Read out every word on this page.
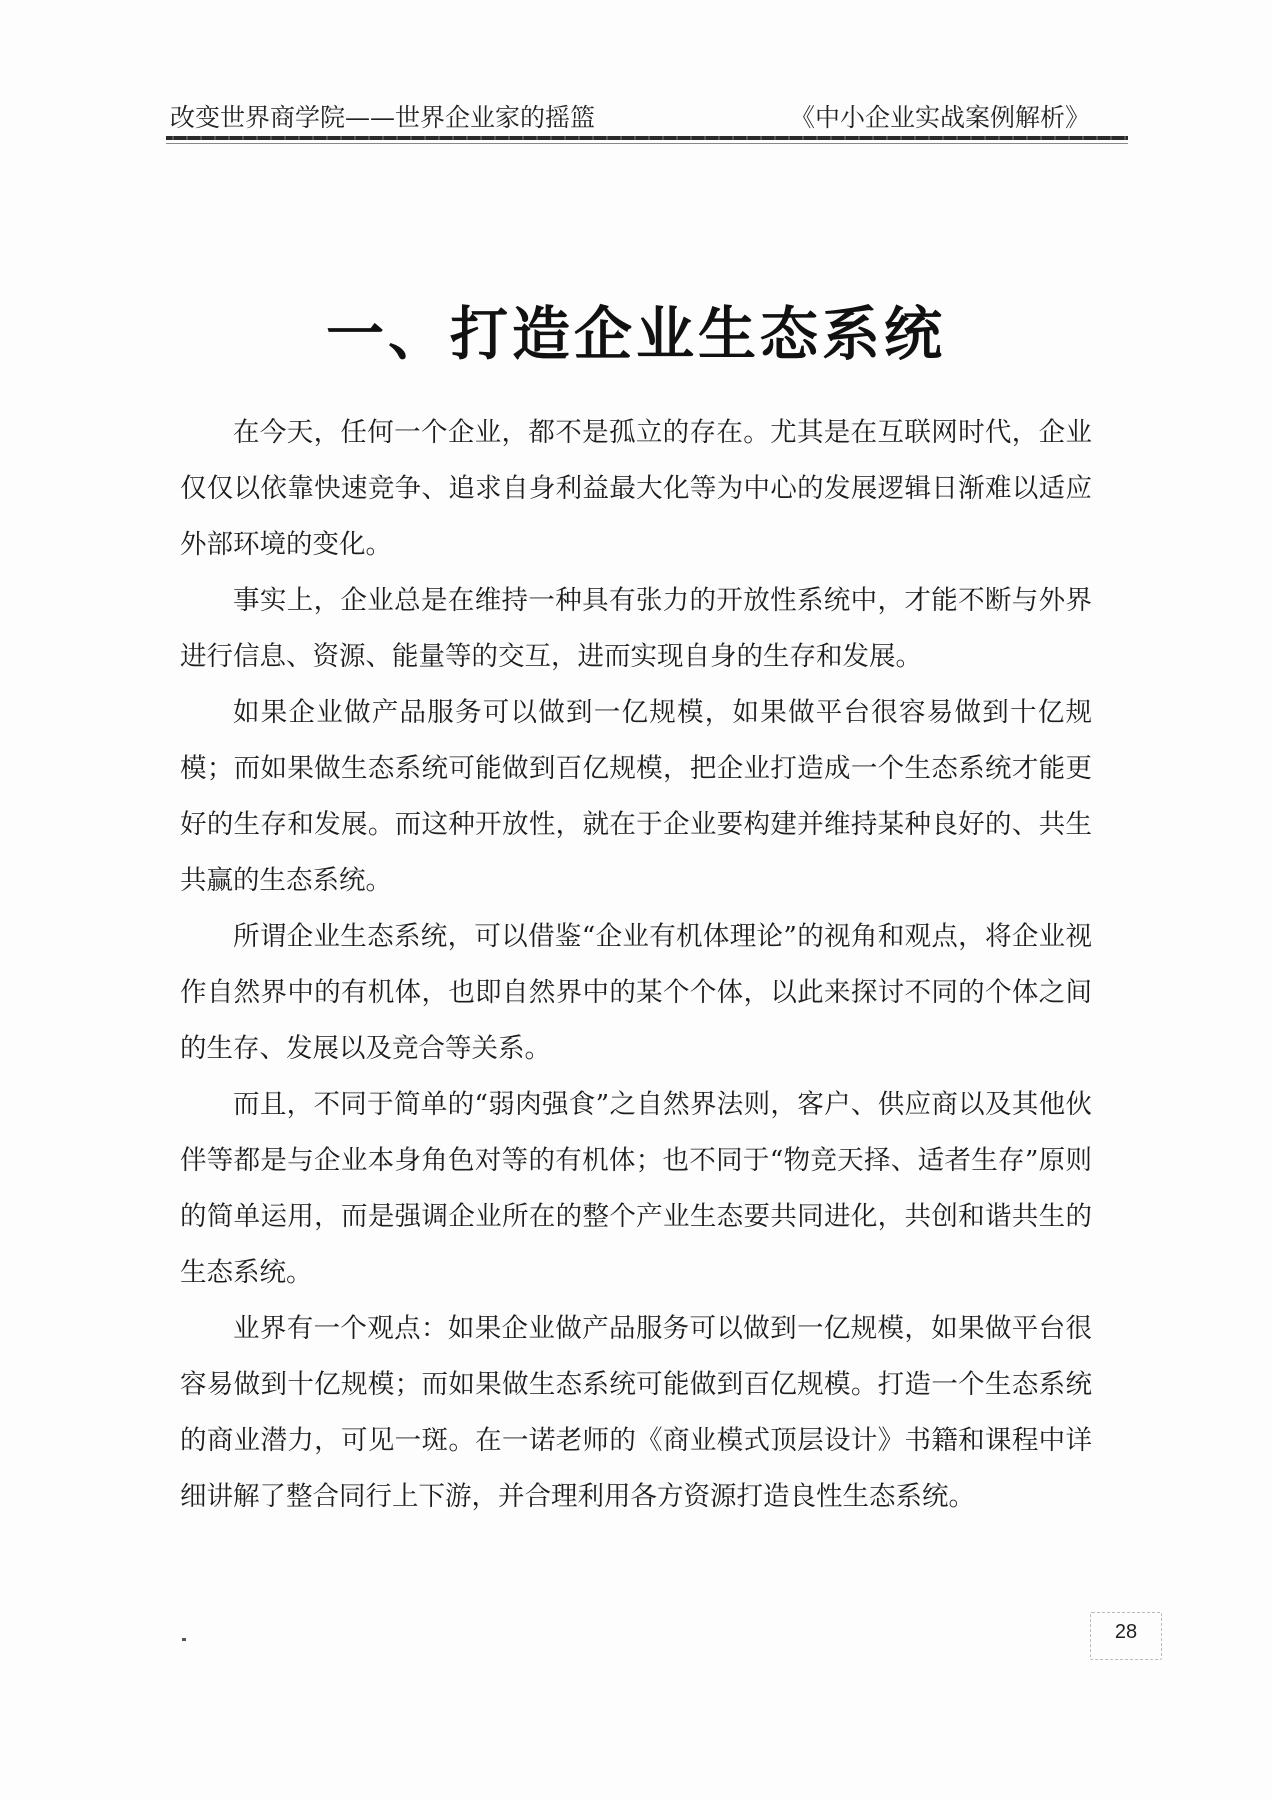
改变世界商学院——世界企业家的摇篮	《中小企业实战案例解析》
一、打造企业生态系统

在今天，任何一个企业，都不是孤立的存在。尤其是在互联网时代，企业仅仅以依靠快速竞争、追求自身利益最大化等为中心的发展逻辑日渐难以适应外部环境的变化。

事实上，企业总是在维持一种具有张力的开放性系统中，才能不断与外界进行信息、资源、能量等的交互，进而实现自身的生存和发展。

如果企业做产品服务可以做到一亿规模，如果做平台很容易做到十亿规模；而如果做生态系统可能做到百亿规模，把企业打造成一个生态系统才能更好的生存和发展。而这种开放性，就在于企业要构建并维持某种良好的、共生共赢的生态系统。

所谓企业生态系统，可以借鉴“企业有机体理论”的视角和观点，将企业视作自然界中的有机体，也即自然界中的某个个体，以此来探讨不同的个体之间的生存、发展以及竞合等关系。

而且，不同于简单的“弱肉强食”之自然界法则，客户、供应商以及其他伙伴等都是与企业本身角色对等的有机体；也不同于“物竞天择、适者生存”原则的简单运用，而是强调企业所在的整个产业生态要共同进化，共创和谐共生的生态系统。

业界有一个观点：如果企业做产品服务可以做到一亿规模，如果做平台很容易做到十亿规模；而如果做生态系统可能做到百亿规模。打造一个生态系统的商业潜力，可见一斑。在一诺老师的《商业模式顶层设计》书籍和课程中详细讲解了整合同行上下游，并合理利用各方资源打造良性生态系统。

28
